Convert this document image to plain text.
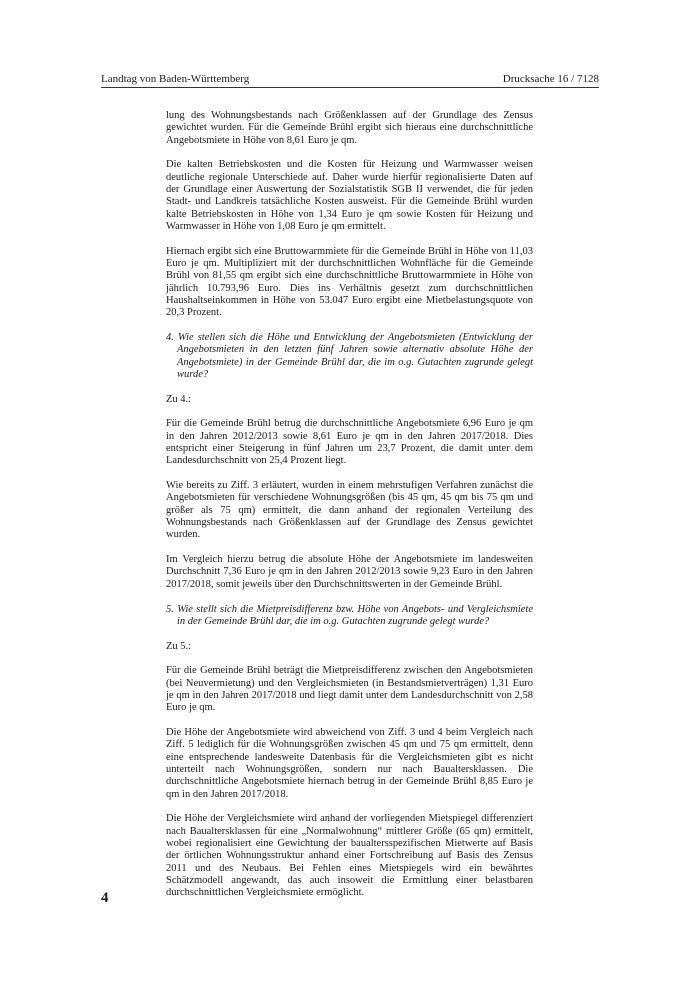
Landtag von Baden-Württemberg	Drucksache 16 / 7128

lung des Wohnungsbestands nach Größenklassen auf der Grundlage des Zensus gewichtet wurden. Für die Gemeinde Brühl ergibt sich hieraus eine durchschnittliche Angebotsmiete in Höhe von 8,61 Euro je qm.

Die kalten Betriebskosten und die Kosten für Heizung und Warmwasser weisen deutliche regionale Unterschiede auf. Daher wurde hierfür regionalisierte Daten auf der Grundlage einer Auswertung der Sozialstatistik SGB II verwendet, die für jeden Stadt- und Landkreis tatsächliche Kosten ausweist. Für die Gemeinde Brühl wurden kalte Betriebskosten in Höhe von 1,34 Euro je qm sowie Kosten für Heizung und Warmwasser in Höhe von 1,08 Euro je qm ermittelt.

Hiernach ergibt sich eine Bruttowarmmiete für die Gemeinde Brühl in Höhe von 11,03 Euro je qm. Multipliziert mit der durchschnittlichen Wohnfläche für die Gemeinde Brühl von 81,55 qm ergibt sich eine durchschnittliche Bruttowarmmiete in Höhe von jährlich 10.793,96 Euro. Dies ins Verhältnis gesetzt zum durchschnittlichen Haushaltseinkommen in Höhe von 53.047 Euro ergibt eine Mietbelastungsquote von 20,3 Prozent.

4. Wie stellen sich die Höhe und Entwicklung der Angebotsmieten (Entwicklung der Angebotsmieten in den letzten fünf Jahren sowie alternativ absolute Höhe der Angebotsmiete) in der Gemeinde Brühl dar, die im o.g. Gutachten zugrunde gelegt wurde?

Zu 4.:

Für die Gemeinde Brühl betrug die durchschnittliche Angebotsmiete 6,96 Euro je qm in den Jahren 2012/2013 sowie 8,61 Euro je qm in den Jahren 2017/2018. Dies entspricht einer Steigerung in fünf Jahren um 23,7 Prozent, die damit unter dem Landesdurchschnitt von 25,4 Prozent liegt.

Wie bereits zu Ziff. 3 erläutert, wurden in einem mehrstufigen Verfahren zunächst die Angebotsmieten für verschiedene Wohnungsgrößen (bis 45 qm, 45 qm bis 75 qm und größer als 75 qm) ermittelt, die dann anhand der regionalen Verteilung des Wohnungsbestands nach Größenklassen auf der Grundlage des Zensus gewichtet wurden.

Im Vergleich hierzu betrug die absolute Höhe der Angebotsmiete im landesweiten Durchschnitt 7,36 Euro je qm in den Jahren 2012/2013 sowie 9,23 Euro in den Jahren 2017/2018, somit jeweils über den Durchschnittswerten in der Gemeinde Brühl.

5. Wie stellt sich die Mietpreisdifferenz bzw. Höhe von Angebots- und Vergleichsmiete in der Gemeinde Brühl dar, die im o.g. Gutachten zugrunde gelegt wurde?

Zu 5.:

Für die Gemeinde Brühl beträgt die Mietpreisdifferenz zwischen den Angebotsmieten (bei Neuvermietung) und den Vergleichsmieten (in Bestandsmietverträgen) 1,31 Euro je qm in den Jahren 2017/2018 und liegt damit unter dem Landesdurchschnitt von 2,58 Euro je qm.

Die Höhe der Angebotsmiete wird abweichend von Ziff. 3 und 4 beim Vergleich nach Ziff. 5 lediglich für die Wohnungsgrößen zwischen 45 qm und 75 qm ermittelt, denn eine entsprechende landesweite Datenbasis für die Vergleichsmieten gibt es nicht unterteilt nach Wohnungsgrößen, sondern nur nach Baualtersklassen. Die durchschnittliche Angebotsmiete hiernach betrug in der Gemeinde Brühl 8,85 Euro je qm in den Jahren 2017/2018.

Die Höhe der Vergleichsmiete wird anhand der vorliegenden Mietspiegel differenziert nach Baualtersklassen für eine „Normalwohnung“ mittlerer Größe (65 qm) ermittelt, wobei regionalisiert eine Gewichtung der baualtersspezifischen Mietwerte auf Basis der örtlichen Wohnungsstruktur anhand einer Fortschreibung auf Basis des Zensus 2011 und des Neubaus. Bei Fehlen eines Mietspiegels wird ein bewährtes Schätzmodell angewandt, das auch insoweit die Ermittlung einer belastbaren durchschnittlichen Vergleichsmiete ermöglicht.

4
